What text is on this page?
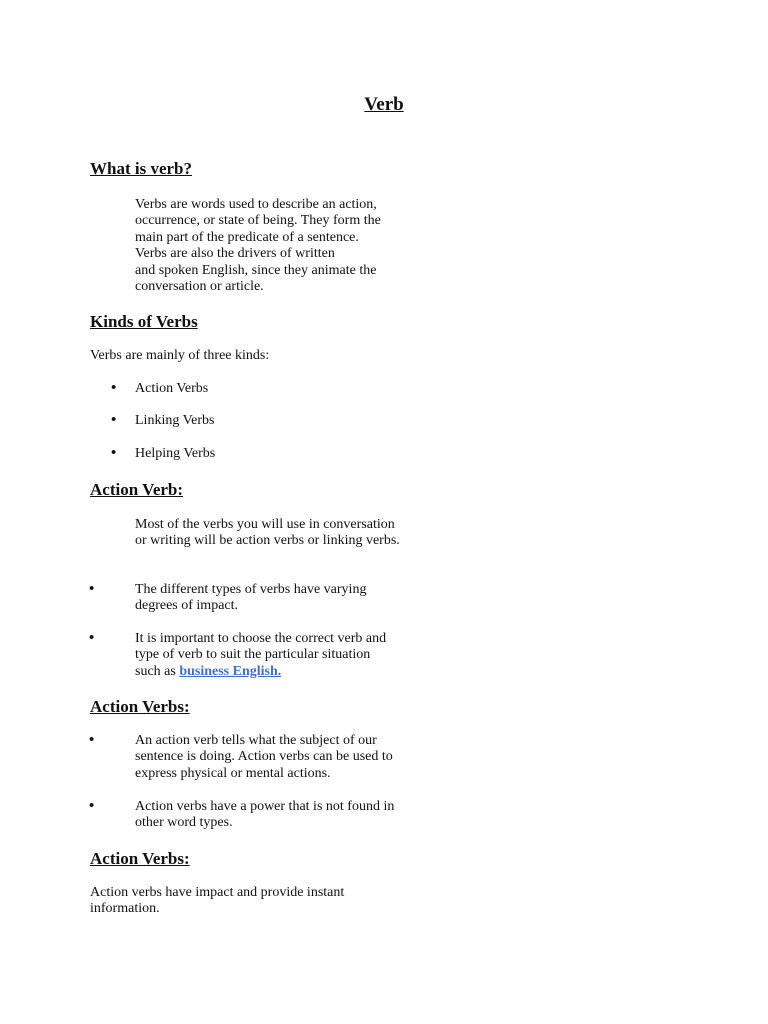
Verb
What is verb?
Verbs are words used to describe an action,
occurrence, or state of being. They form the
main part of the predicate of a sentence.
Verbs are also the drivers of written
and spoken English, since they animate the
conversation or article.
Kinds of Verbs
Verbs are mainly of three kinds:
• Action Verbs
• Linking Verbs
• Helping Verbs
Action Verb:
Most of the verbs you will use in conversation
or writing will be action verbs or linking verbs.
•	The different types of verbs have varying
degrees of impact.
•	It is important to choose the correct verb and
type of verb to suit the particular situation
such as business English.
Action Verbs:
•	An action verb tells what the subject of our
sentence is doing. Action verbs can be used to
express physical or mental actions.
•	Action verbs have a power that is not found in
other word types.
Action Verbs:
Action verbs have impact and provide instant
information.
